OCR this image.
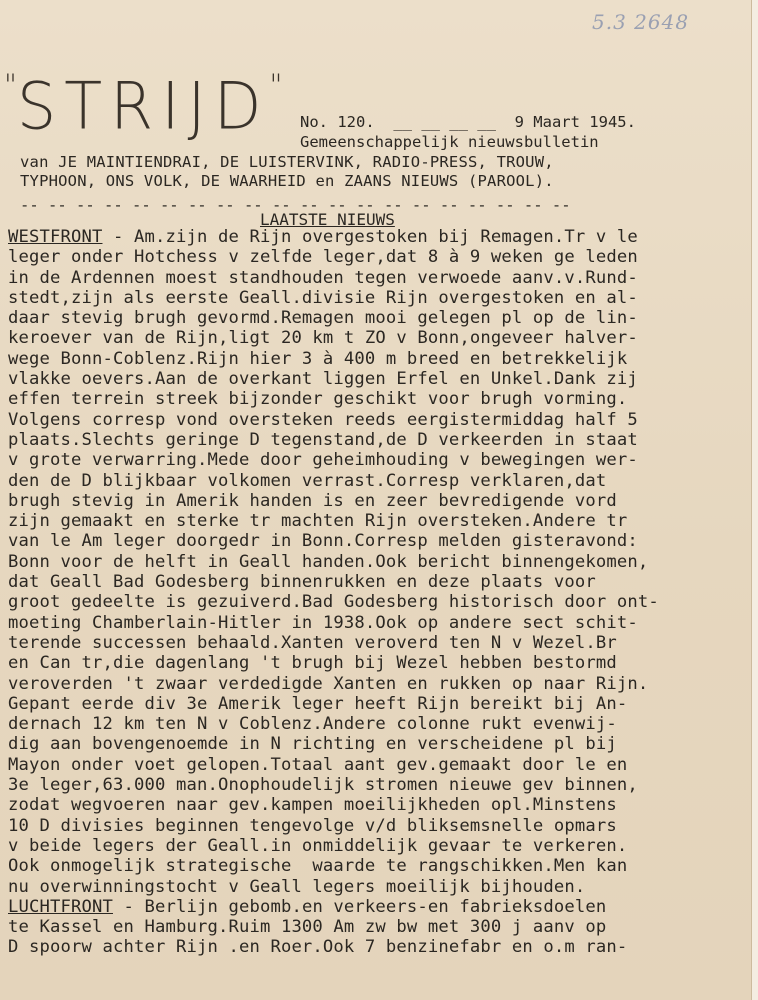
5.3 2648
"STRIJD"
No. 120.  __ __ __ __  9 Maart 1945.
Gemeenschappelijk nieuwsbulletin
van JE MAINTIENDRAI, DE LUISTERVINK, RADIO-PRESS, TROUW,
TYPHOON, ONS VOLK, DE WAARHEID en ZAANS NIEUWS (PAROOL).
-- -- -- -- -- -- -- -- -- -- -- -- -- -- -- -- -- -- -- --
LAATSTE NIEUWS
WESTFRONT - Am.zijn de Rijn overgestoken bij Remagen.Tr v le
leger onder Hotchess v zelfde leger,dat 8 à 9 weken ge leden
in de Ardennen moest standhouden tegen verwoede aanv.v.Rund-
stedt,zijn als eerste Geall.divisie Rijn overgestoken en al-
daar stevig brugh gevormd.Remagen mooi gelegen pl op de lin-
keroever van de Rijn,ligt 20 km t ZO v Bonn,ongeveer halver-
wege Bonn-Coblenz.Rijn hier 3 à 400 m breed en betrekkelijk
vlakke oevers.Aan de overkant liggen Erfel en Unkel.Dank zij
effen terrein streek bijzonder geschikt voor brugh vorming.
Volgens corresp vond oversteken reeds eergistermiddag half 5
plaats.Slechts geringe D tegenstand,de D verkeerden in staat
v grote verwarring.Mede door geheimhouding v bewegingen wer-
den de D blijkbaar volkomen verrast.Corresp verklaren,dat
brugh stevig in Amerik handen is en zeer bevredigende vord
zijn gemaakt en sterke tr machten Rijn oversteken.Andere tr
van le Am leger doorgedr in Bonn.Corresp melden gisteravond:
Bonn voor de helft in Geall handen.Ook bericht binnengekomen,
dat Geall Bad Godesberg binnenrukken en deze plaats voor
groot gedeelte is gezuiverd.Bad Godesberg historisch door ont-
moeting Chamberlain-Hitler in 1938.Ook op andere sect schit-
terende successen behaald.Xanten veroverd ten N v Wezel.Br
en Can tr,die dagenlang 't brugh bij Wezel hebben bestormd
veroverden 't zwaar verdedigde Xanten en rukken op naar Rijn.
Gepant eerde div 3e Amerik leger heeft Rijn bereikt bij An-
dernach 12 km ten N v Coblenz.Andere colonne rukt evenwij-
dig aan bovengenoemde in N richting en verscheidene pl bij
Mayon onder voet gelopen.Totaal aant gev.gemaakt door le en
3e leger,63.000 man.Onophoudelijk stromen nieuwe gev binnen,
zodat wegvoeren naar gev.kampen moeilijkheden opl.Minstens
10 D divisies beginnen tengevolge v/d bliksemsnelle opmars
v beide legers der Geall.in onmiddelijk gevaar te verkeren.
Ook onmogelijk strategische  waarde te rangschikken.Men kan
nu overwinningstocht v Geall legers moeilijk bijhouden.
LUCHTFRONT - Berlijn gebomb.en verkeers-en fabrieksdoelen
te Kassel en Hamburg.Ruim 1300 Am zw bw met 300 j aanv op
D spoorw achter Rijn .en Roer.Ook 7 benzinefabr en o.m ran-
